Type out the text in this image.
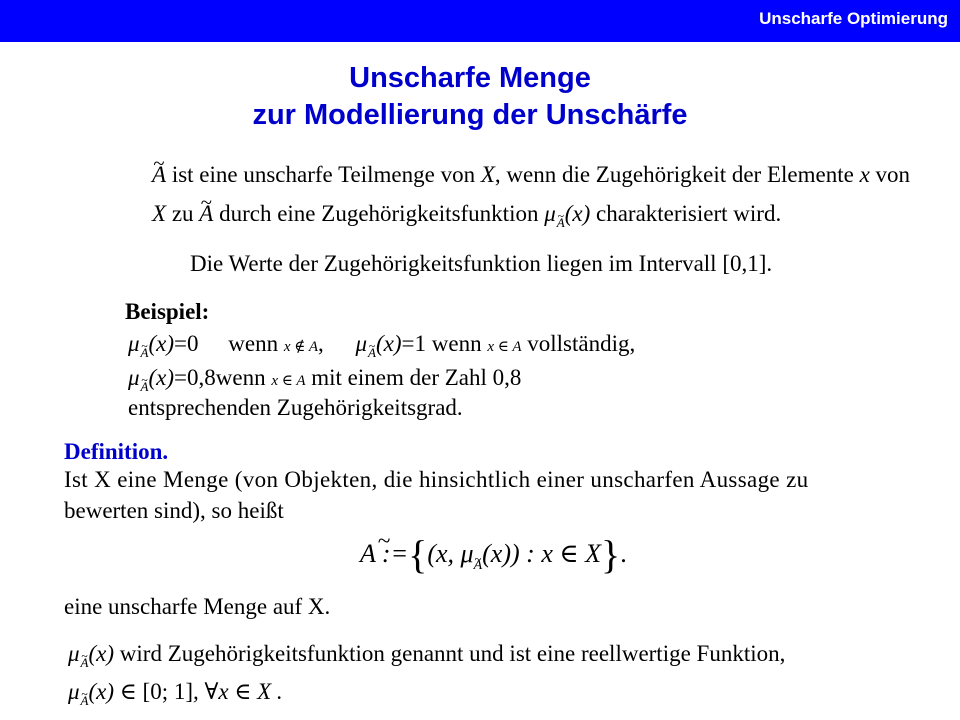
Unscharfe Optimierung
Unscharfe Menge
zur Modellierung der Unschärfe
~ A ist eine unscharfe Teilmenge von X, wenn die Zugehörigkeit der Elemente x von
X zu ~ A durch eine Zugehörigkeitsfunktion μ~ A(x) charakterisiert wird.
Die Werte der Zugehörigkeitsfunktion liegen im Intervall [0,1].
Beispiel:
μ~ A(x)=0 wenn x ∉ A, μ~ A(x)=1 wenn x ∈ A vollständig,
μ~ A(x)=0,8wenn x ∈ A mit einem der Zahl 0,8
entsprechenden Zugehörigkeitsgrad.
Definition.
Ist X eine Menge (von Objekten, die hinsichtlich einer unscharfen Aussage zu
bewerten sind), so heißt
~ A :={(x, μ~ A(x)) : x ∈ X}.
eine unscharfe Menge auf X.
μ~ A(x) wird Zugehörigkeitsfunktion genannt und ist eine reellwertige Funktion,
μ~ A(x) ∈ [0; 1], ∀x ∈ X .
